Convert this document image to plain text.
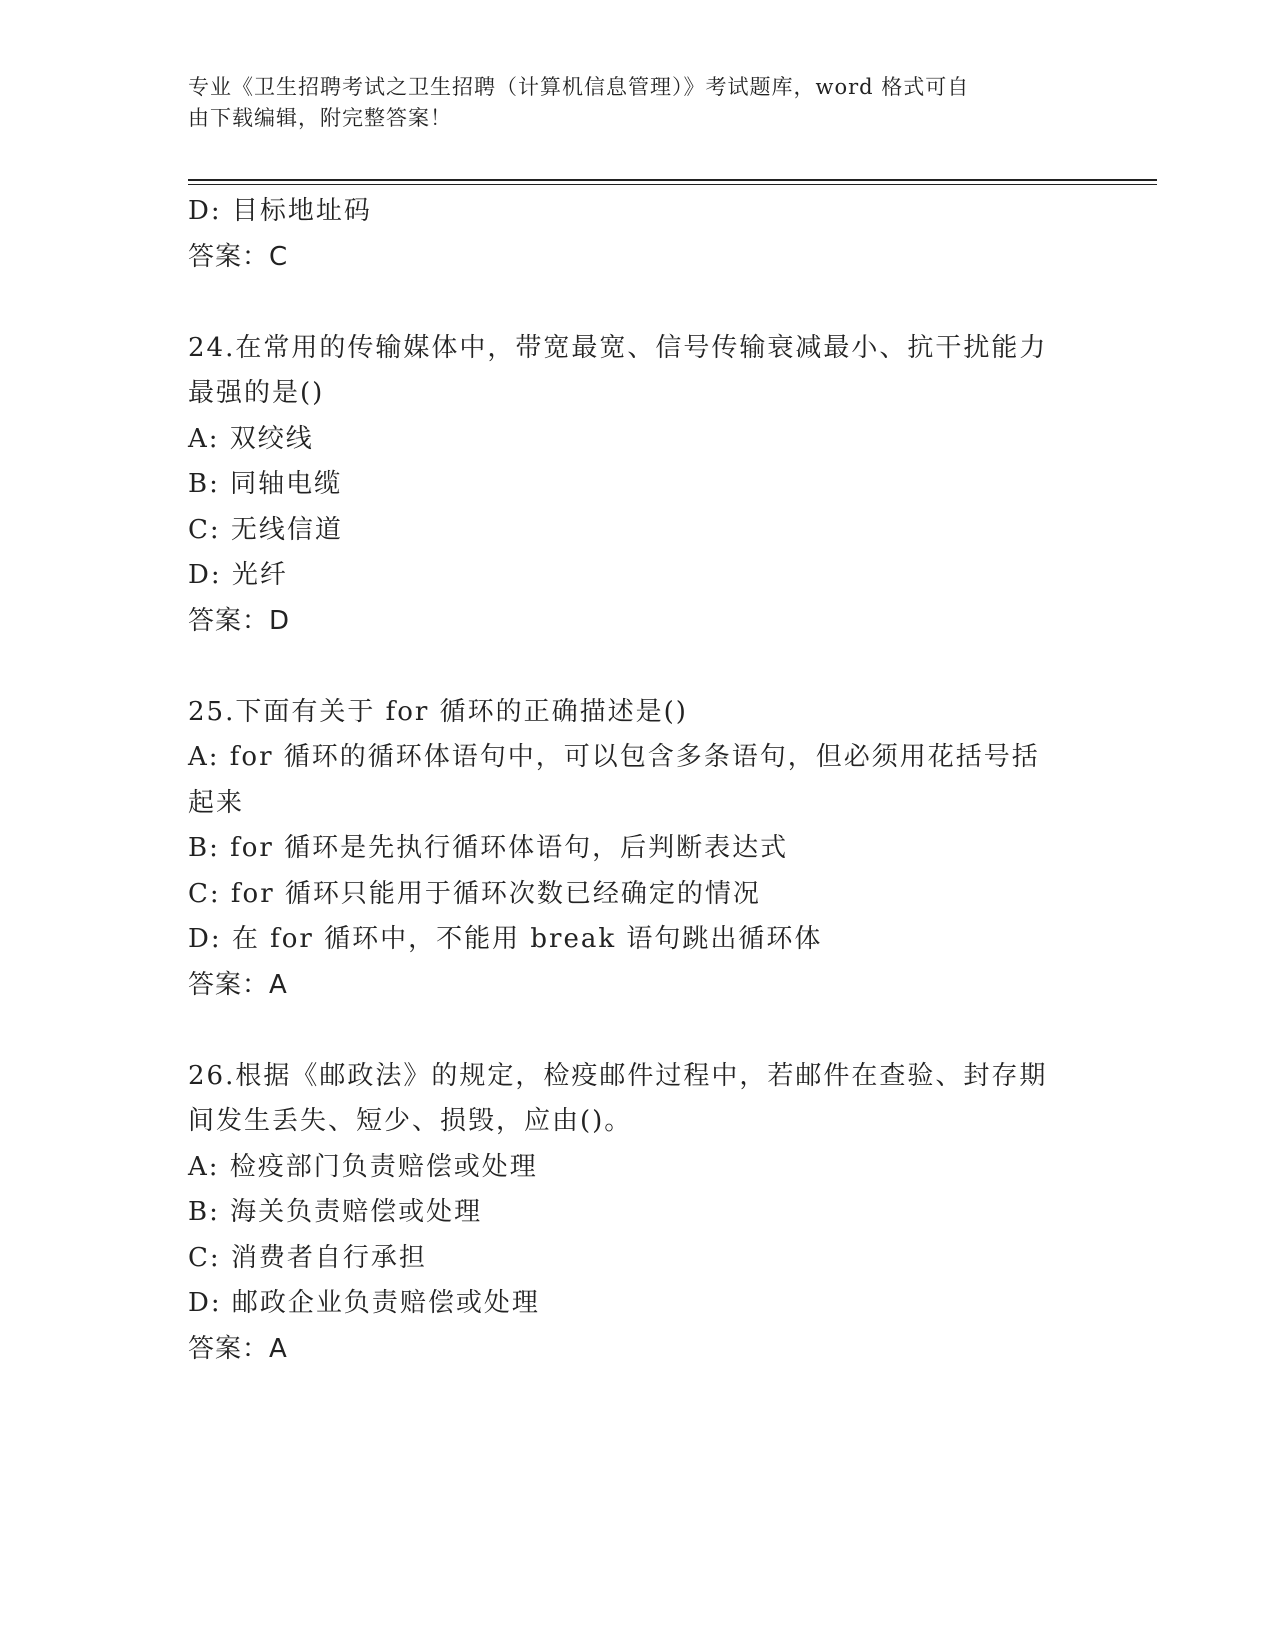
专业《卫生招聘考试之卫生招聘（计算机信息管理）》考试题库，word 格式可自
由下载编辑，附完整答案！
D: 目标地址码
答案：C
24.在常用的传输媒体中，带宽最宽、信号传输衰减最小、抗干扰能力
最强的是()
A: 双绞线
B: 同轴电缆
C: 无线信道
D: 光纤
答案：D
25.下面有关于 for 循环的正确描述是()
A: for 循环的循环体语句中，可以包含多条语句，但必须用花括号括
起来
B: for 循环是先执行循环体语句，后判断表达式
C: for 循环只能用于循环次数已经确定的情况
D: 在 for 循环中，不能用 break 语句跳出循环体
答案：A
26.根据《邮政法》的规定，检疫邮件过程中，若邮件在查验、封存期
间发生丢失、短少、损毁，应由()。
A: 检疫部门负责赔偿或处理
B: 海关负责赔偿或处理
C: 消费者自行承担
D: 邮政企业负责赔偿或处理
答案：A
